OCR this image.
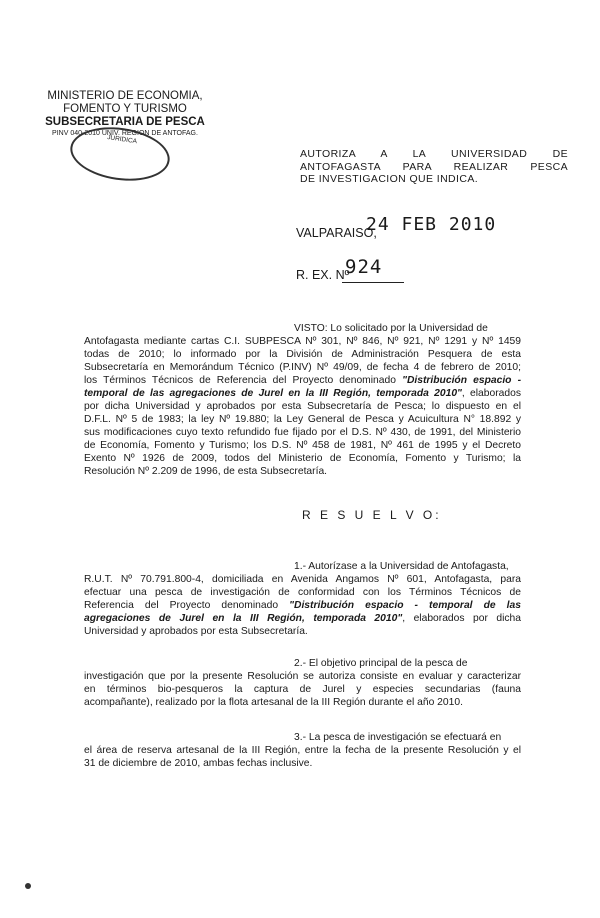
MINISTERIO DE ECONOMIA,
FOMENTO Y TURISMO
SUBSECRETARIA DE PESCA
PINV 040-2010 UNIV. REGION DE ANTOFAG.
JURIDICA
AUTORIZA A LA UNIVERSIDAD DE
ANTOFAGASTA PARA REALIZAR PESCA
DE INVESTIGACION QUE INDICA.
VALPARAISO,
24 FEB 2010
R. EX. Nº
924
VISTO: Lo solicitado por la Universidad de
Antofagasta mediante cartas C.I. SUBPESCA Nº 301, Nº 846, Nº 921, Nº 1291 y Nº 1459
todas de 2010; lo informado por la División de Administración Pesquera de esta
Subsecretaría en Memorándum Técnico (P.INV) Nº 49/09, de fecha 4 de febrero de 2010;
los Términos Técnicos de Referencia del Proyecto denominado "Distribución espacio -
temporal de las agregaciones de Jurel en la III Región, temporada 2010", elaborados
por dicha Universidad y aprobados por esta Subsecretaría de Pesca; lo dispuesto en el
D.F.L. Nº 5 de 1983; la ley Nº 19.880; la Ley General de Pesca y Acuicultura N° 18.892 y
sus modificaciones cuyo texto refundido fue fijado por el D.S. Nº 430, de 1991, del Ministerio
de Economía, Fomento y Turismo; los D.S. Nº 458 de 1981, Nº 461 de 1995 y el Decreto
Exento Nº 1926 de 2009, todos del Ministerio de Economía, Fomento y Turismo; la
Resolución Nº 2.209 de 1996, de esta Subsecretaría.
R E S U E L V O:
1.- Autorízase a la Universidad de Antofagasta,
R.U.T. Nº 70.791.800-4, domiciliada en Avenida Angamos Nº 601, Antofagasta, para
efectuar una pesca de investigación de conformidad con los Términos Técnicos de
Referencia del Proyecto denominado "Distribución espacio - temporal de las
agregaciones de Jurel en la III Región, temporada 2010", elaborados por dicha
Universidad y aprobados por esta Subsecretaría.
2.- El objetivo principal de la pesca de
investigación que por la presente Resolución se autoriza consiste en evaluar y caracterizar
en términos bio-pesqueros la captura de Jurel y especies secundarias (fauna
acompañante), realizado por la flota artesanal de la III Región durante el año 2010.
3.- La pesca de investigación se efectuará en
el área de reserva artesanal de la III Región, entre la fecha de la presente Resolución y el
31 de diciembre de 2010, ambas fechas inclusive.
